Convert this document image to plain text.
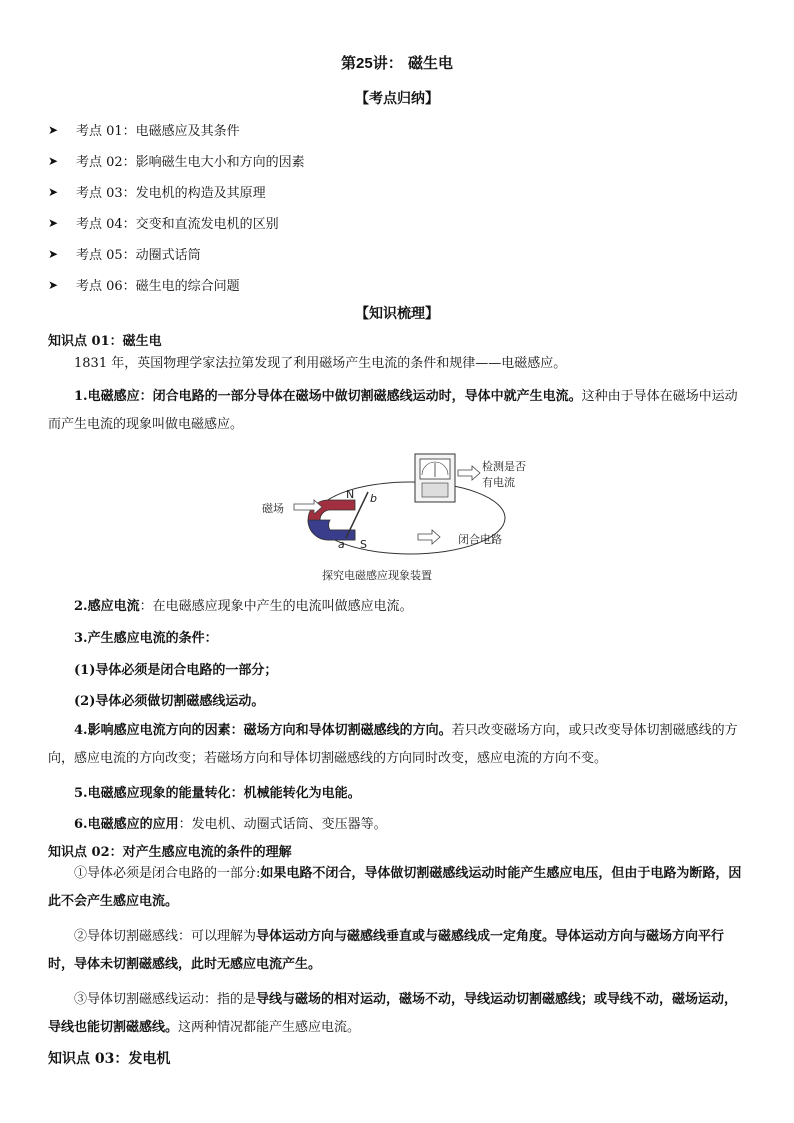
第25讲： 磁生电
【考点归纳】
➤	考点 01：电磁感应及其条件
➤	考点 02：影响磁生电大小和方向的因素
➤	考点 03：发电机的构造及其原理
➤	考点 04：交变和直流发电机的区别
➤	考点 05：动圈式话筒
➤	考点 06：磁生电的综合问题
【知识梳理】
知识点 01：磁生电
1831 年，英国物理学家法拉第发现了利用磁场产生电流的条件和规律——电磁感应。
1.电磁感应：闭合电路的一部分导体在磁场中做切割磁感线运动时，导体中就产生电流。这种由于导体在磁场中运动而产生电流的现象叫做电磁感应。
磁场
检测是否
有电流
闭合电路
N
S
a
b
探究电磁感应现象装置
2.感应电流：在电磁感应现象中产生的电流叫做感应电流。
3.产生感应电流的条件：
(1)导体必须是闭合电路的一部分；
(2)导体必须做切割磁感线运动。
4.影响感应电流方向的因素：磁场方向和导体切割磁感线的方向。若只改变磁场方向，或只改变导体切割磁感线的方向，感应电流的方向改变；若磁场方向和导体切割磁感线的方向同时改变，感应电流的方向不变。
5.电磁感应现象的能量转化：机械能转化为电能。
6.电磁感应的应用：发电机、动圈式话筒、变压器等。
知识点 02：对产生感应电流的条件的理解
①导体必须是闭合电路的一部分:如果电路不闭合，导体做切割磁感线运动时能产生感应电压，但由于电路为断路，因此不会产生感应电流。
②导体切割磁感线：可以理解为导体运动方向与磁感线垂直或与磁感线成一定角度。导体运动方向与磁场方向平行时，导体未切割磁感线，此时无感应电流产生。
③导体切割磁感线运动：指的是导线与磁场的相对运动，磁场不动，导线运动切割磁感线；或导线不动，磁场运动，导线也能切割磁感线。这两种情况都能产生感应电流。
知识点 03：发电机
